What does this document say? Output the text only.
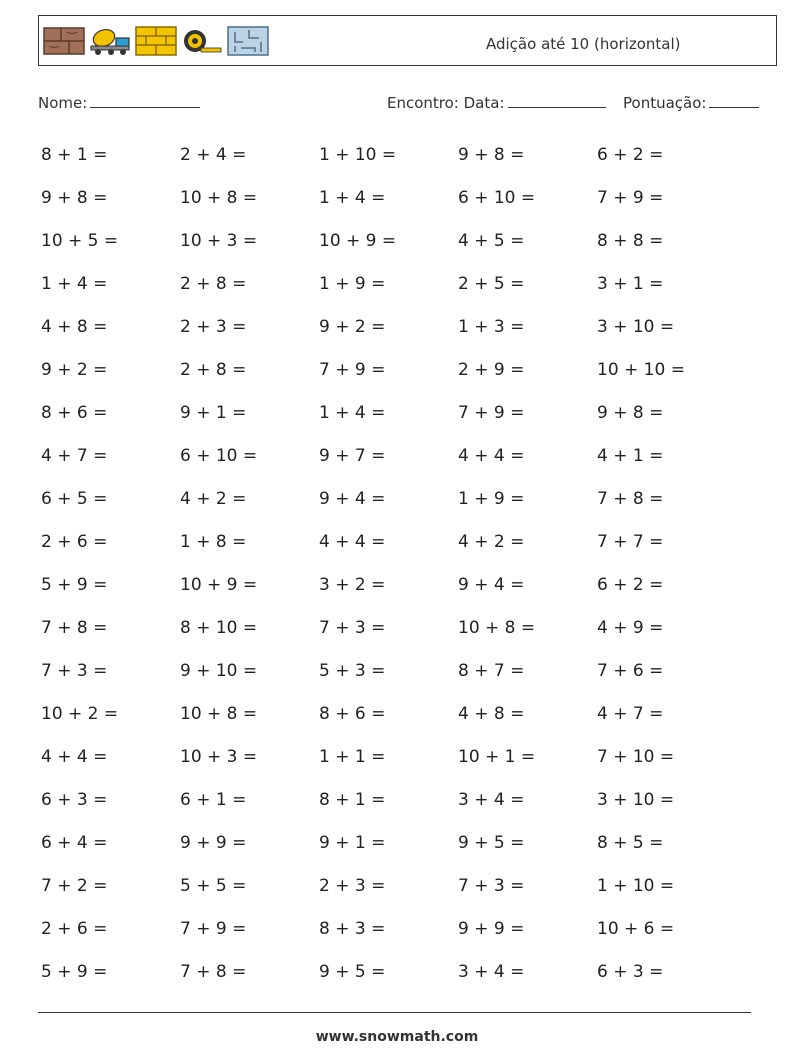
Adição até 10 (horizontal)
Nome:	Encontro: Data:	Pontuação:
8 + 1 =	2 + 4 =	1 + 10 =	9 + 8 =	6 + 2 =
9 + 8 =	10 + 8 =	1 + 4 =	6 + 10 =	7 + 9 =
10 + 5 =	10 + 3 =	10 + 9 =	4 + 5 =	8 + 8 =
1 + 4 =	2 + 8 =	1 + 9 =	2 + 5 =	3 + 1 =
4 + 8 =	2 + 3 =	9 + 2 =	1 + 3 =	3 + 10 =
9 + 2 =	2 + 8 =	7 + 9 =	2 + 9 =	10 + 10 =
8 + 6 =	9 + 1 =	1 + 4 =	7 + 9 =	9 + 8 =
4 + 7 =	6 + 10 =	9 + 7 =	4 + 4 =	4 + 1 =
6 + 5 =	4 + 2 =	9 + 4 =	1 + 9 =	7 + 8 =
2 + 6 =	1 + 8 =	4 + 4 =	4 + 2 =	7 + 7 =
5 + 9 =	10 + 9 =	3 + 2 =	9 + 4 =	6 + 2 =
7 + 8 =	8 + 10 =	7 + 3 =	10 + 8 =	4 + 9 =
7 + 3 =	9 + 10 =	5 + 3 =	8 + 7 =	7 + 6 =
10 + 2 =	10 + 8 =	8 + 6 =	4 + 8 =	4 + 7 =
4 + 4 =	10 + 3 =	1 + 1 =	10 + 1 =	7 + 10 =
6 + 3 =	6 + 1 =	8 + 1 =	3 + 4 =	3 + 10 =
6 + 4 =	9 + 9 =	9 + 1 =	9 + 5 =	8 + 5 =
7 + 2 =	5 + 5 =	2 + 3 =	7 + 3 =	1 + 10 =
2 + 6 =	7 + 9 =	8 + 3 =	9 + 9 =	10 + 6 =
5 + 9 =	7 + 8 =	9 + 5 =	3 + 4 =	6 + 3 =
www.snowmath.com
